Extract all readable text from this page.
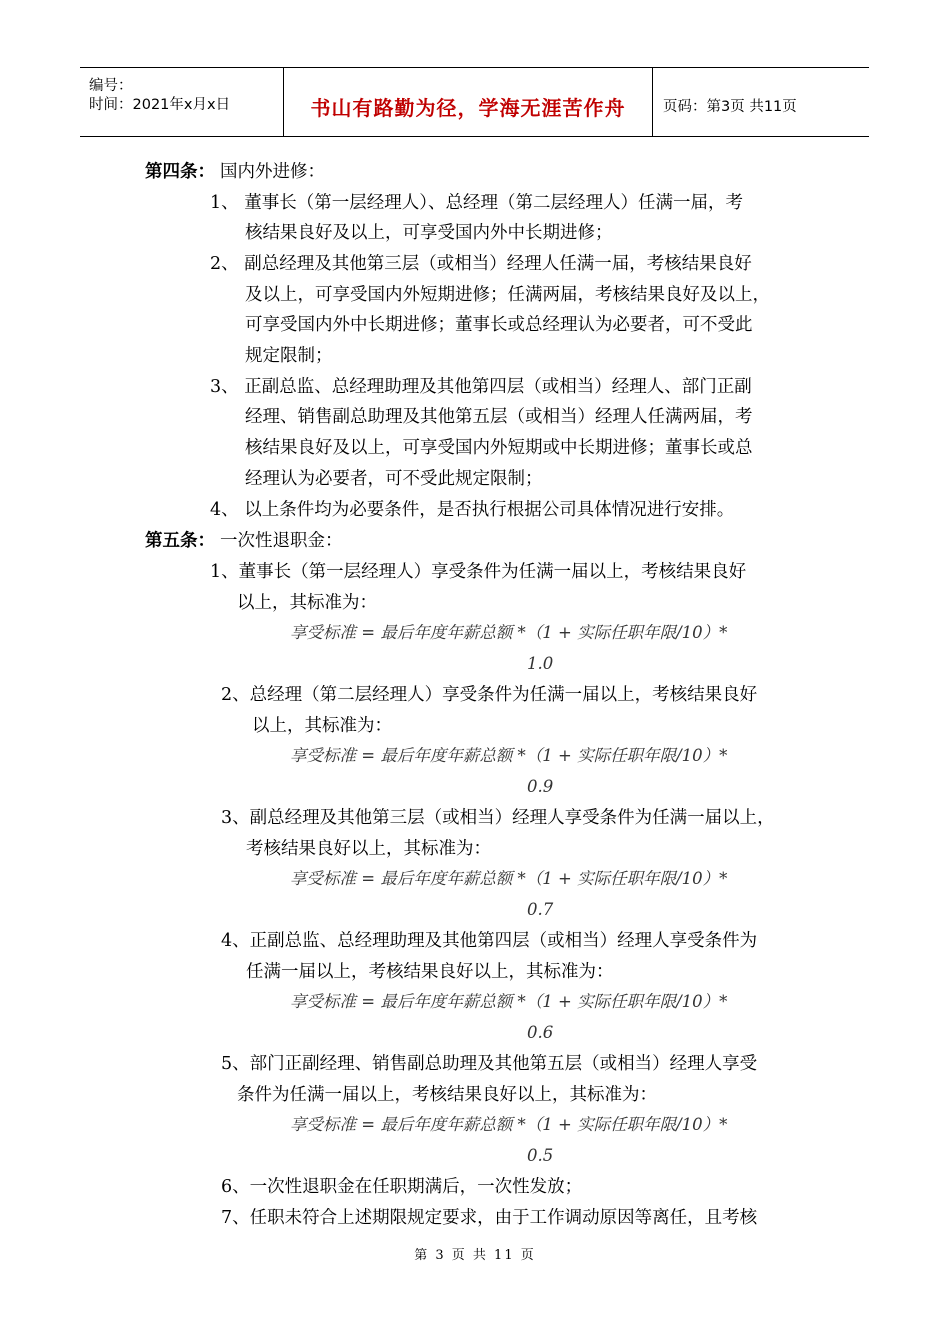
编号：
时间：2021年x月x日	书山有路勤为径，学海无涯苦作舟	页码：第3页 共11页
第四条： 国内外进修：
1、 董事长（第一层经理人）、总经理（第二层经理人）任满一届，考
核结果良好及以上，可享受国内外中长期进修；
2、 副总经理及其他第三层（或相当）经理人任满一届，考核结果良好
及以上，可享受国内外短期进修；任满两届，考核结果良好及以上，
可享受国内外中长期进修；董事长或总经理认为必要者，可不受此
规定限制；
3、 正副总监、总经理助理及其他第四层（或相当）经理人、部门正副
经理、销售副总助理及其他第五层（或相当）经理人任满两届，考
核结果良好及以上，可享受国内外短期或中长期进修；董事长或总
经理认为必要者，可不受此规定限制；
4、 以上条件均为必要条件，是否执行根据公司具体情况进行安排。
第五条： 一次性退职金：
1、董事长（第一层经理人）享受条件为任满一届以上，考核结果良好
以上，其标准为：
享受标准 = 最后年度年薪总额 *（1 + 实际任职年限/10）*
1.0
2、总经理（第二层经理人）享受条件为任满一届以上，考核结果良好
以上，其标准为：
享受标准 = 最后年度年薪总额 *（1 + 实际任职年限/10）*
0.9
3、副总经理及其他第三层（或相当）经理人享受条件为任满一届以上，
考核结果良好以上，其标准为：
享受标准 = 最后年度年薪总额 *（1 + 实际任职年限/10）*
0.7
4、正副总监、总经理助理及其他第四层（或相当）经理人享受条件为
任满一届以上，考核结果良好以上，其标准为：
享受标准 = 最后年度年薪总额 *（1 + 实际任职年限/10）*
0.6
5、部门正副经理、销售副总助理及其他第五层（或相当）经理人享受
条件为任满一届以上，考核结果良好以上，其标准为：
享受标准 = 最后年度年薪总额 *（1 + 实际任职年限/10）*
0.5
6、一次性退职金在任职期满后，一次性发放；
7、任职未符合上述期限规定要求，由于工作调动原因等离任，且考核
第 3 页 共 11 页
